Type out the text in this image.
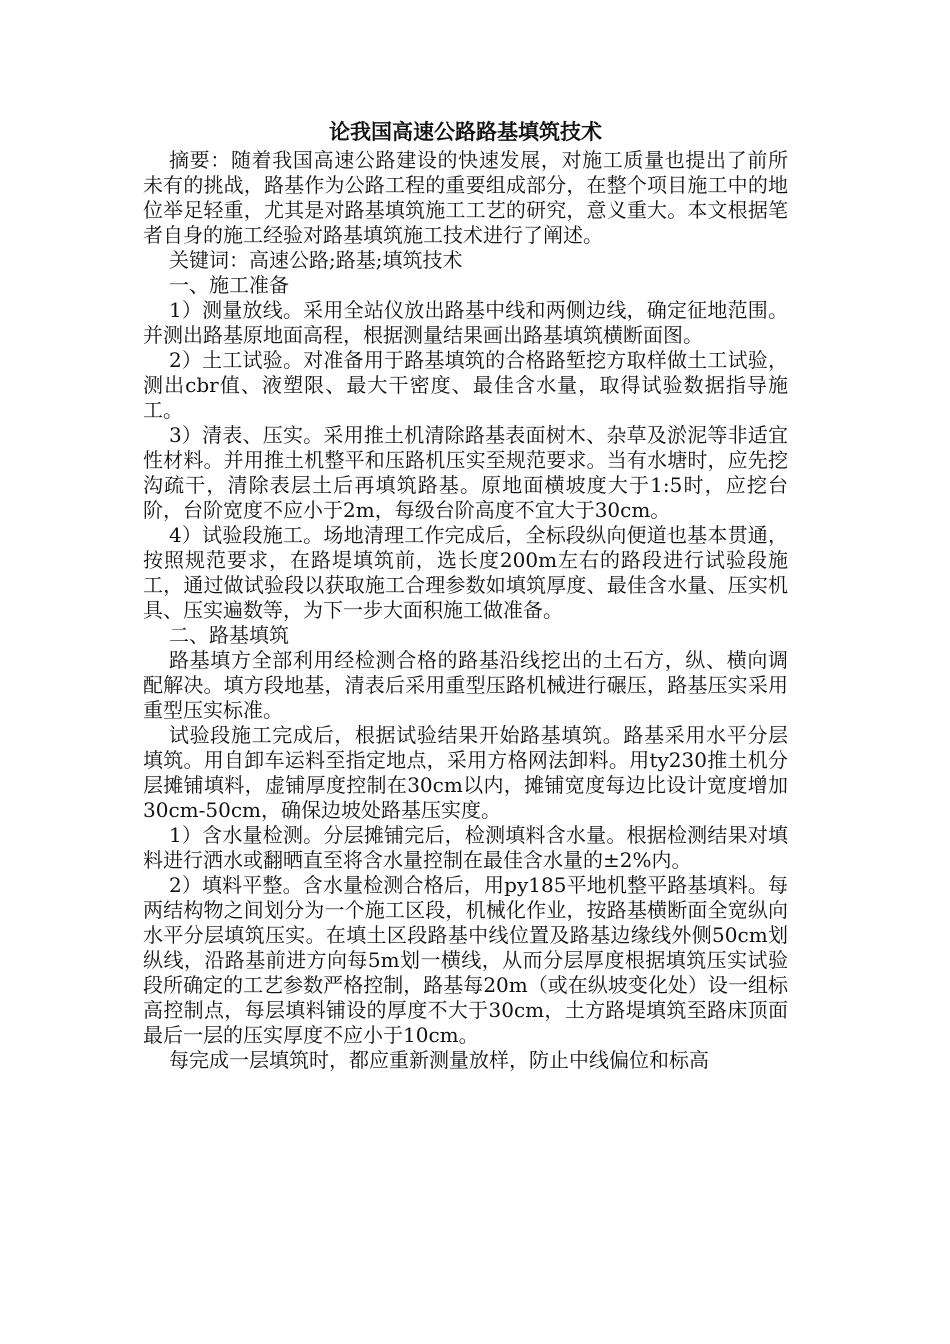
论我国高速公路路基填筑技术

摘要：随着我国高速公路建设的快速发展，对施工质量也提出了前所未有的挑战，路基作为公路工程的重要组成部分，在整个项目施工中的地位举足轻重，尤其是对路基填筑施工工艺的研究，意义重大。本文根据笔者自身的施工经验对路基填筑施工技术进行了阐述。

关键词：高速公路;路基;填筑技术

一、施工准备

1）测量放线。采用全站仪放出路基中线和两侧边线，确定征地范围。并测出路基原地面高程，根据测量结果画出路基填筑横断面图。

2）土工试验。对准备用于路基填筑的合格路堑挖方取样做土工试验，测出cbr值、液塑限、最大干密度、最佳含水量，取得试验数据指导施工。

3）清表、压实。采用推土机清除路基表面树木、杂草及淤泥等非适宜性材料。并用推土机整平和压路机压实至规范要求。当有水塘时，应先挖沟疏干，清除表层土后再填筑路基。原地面横坡度大于1:5时，应挖台阶，台阶宽度不应小于2m，每级台阶高度不宜大于30cm。

4）试验段施工。场地清理工作完成后，全标段纵向便道也基本贯通，按照规范要求，在路堤填筑前，选长度200m左右的路段进行试验段施工，通过做试验段以获取施工合理参数如填筑厚度、最佳含水量、压实机具、压实遍数等，为下一步大面积施工做准备。

二、路基填筑

路基填方全部利用经检测合格的路基沿线挖出的土石方，纵、横向调配解决。填方段地基，清表后采用重型压路机械进行碾压，路基压实采用重型压实标准。

试验段施工完成后，根据试验结果开始路基填筑。路基采用水平分层填筑。用自卸车运料至指定地点，采用方格网法卸料。用ty230推土机分层摊铺填料，虚铺厚度控制在30cm以内，摊铺宽度每边比设计宽度增加30cm-50cm，确保边坡处路基压实度。

1）含水量检测。分层摊铺完后，检测填料含水量。根据检测结果对填料进行洒水或翻晒直至将含水量控制在最佳含水量的±2%内。

2）填料平整。含水量检测合格后，用py185平地机整平路基填料。每两结构物之间划分为一个施工区段，机械化作业，按路基横断面全宽纵向水平分层填筑压实。在填土区段路基中线位置及路基边缘线外侧50cm划纵线，沿路基前进方向每5m划一横线，从而分层厚度根据填筑压实试验段所确定的工艺参数严格控制，路基每20m（或在纵坡变化处）设一组标高控制点，每层填料铺设的厚度不大于30cm，土方路堤填筑至路床顶面最后一层的压实厚度不应小于10cm。

每完成一层填筑时，都应重新测量放样，防止中线偏位和标高
